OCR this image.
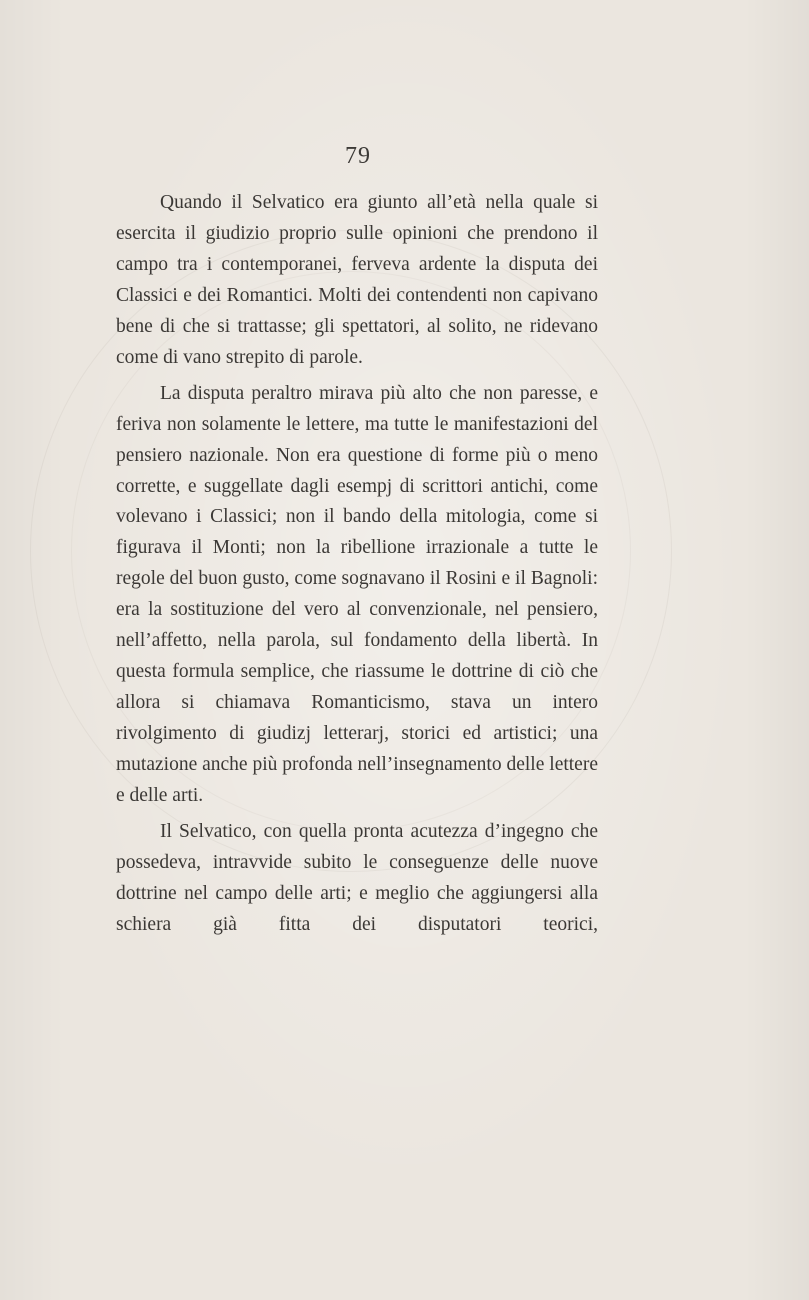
79

Quando il Selvatico era giunto all’età nella quale si esercita il giudizio proprio sulle opinioni che prendono il campo tra i contemporanei, ferveva ardente la disputa dei Classici e dei Romantici. Molti dei contendenti non capivano bene di che si trattasse; gli spettatori, al solito, ne ridevano come di vano strepito di parole.

La disputa peraltro mirava più alto che non paresse, e feriva non solamente le lettere, ma tutte le manifestazioni del pensiero nazionale. Non era questione di forme più o meno corrette, e suggellate dagli esempj di scrittori antichi, come volevano i Classici; non il bando della mitologia, come si figurava il Monti; non la ribellione irrazionale a tutte le regole del buon gusto, come sognavano il Rosini e il Bagnoli: era la sostituzione del vero al convenzionale, nel pensiero, nell’affetto, nella parola, sul fondamento della libertà. In questa formula semplice, che riassume le dottrine di ciò che allora si chiamava Romanticismo, stava un intero rivolgimento di giudizj letterarj, storici ed artistici; una mutazione anche più profonda nell’insegnamento delle lettere e delle arti.

Il Selvatico, con quella pronta acutezza d’ingegno che possedeva, intravvide subito le conseguenze delle nuove dottrine nel campo delle arti; e meglio che aggiungersi alla schiera già fitta dei disputatori teorici,
